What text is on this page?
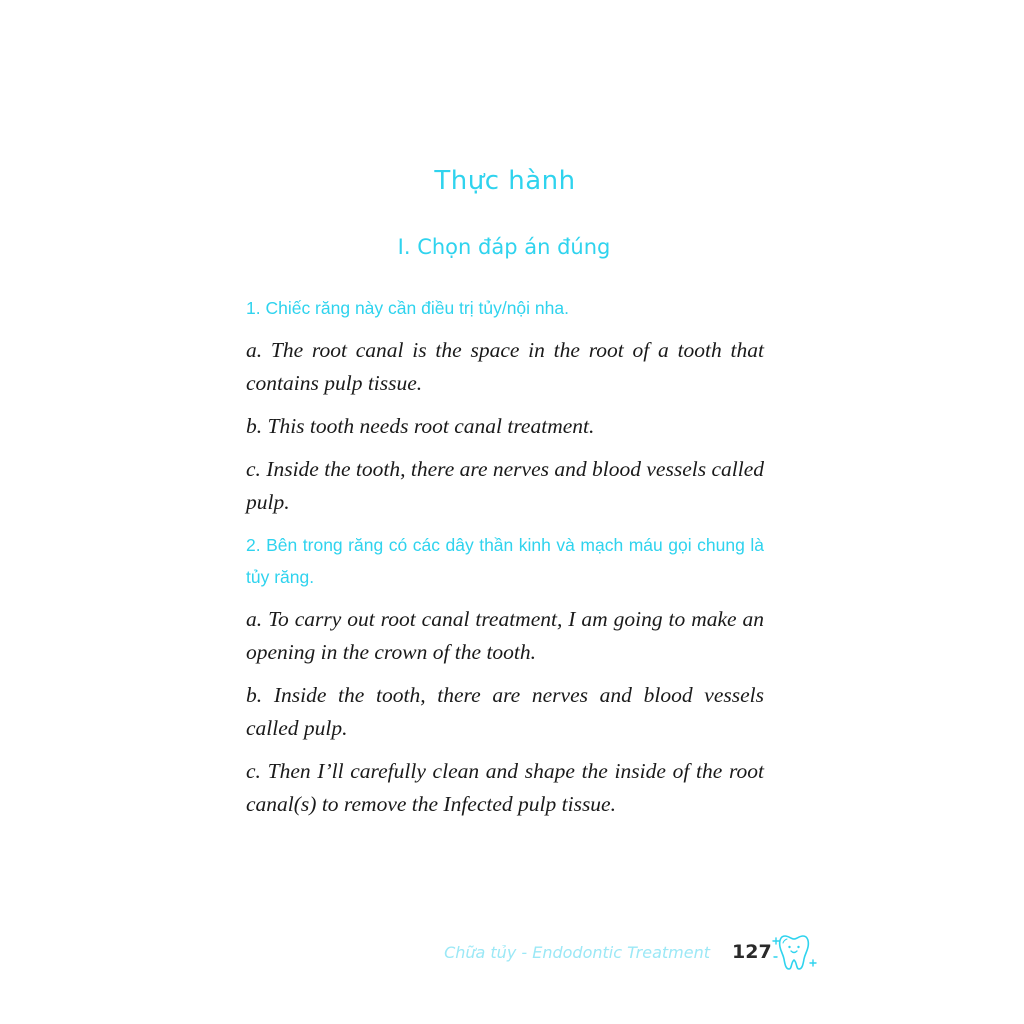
Thực hành
I. Chọn đáp án đúng

1. Chiếc răng này cần điều trị tủy/nội nha.

a. The root canal is the space in the root of a tooth that contains pulp tissue.

b. This tooth needs root canal treatment.

c. Inside the tooth, there are nerves and blood vessels called pulp.

2. Bên trong răng có các dây thần kinh và mạch máu gọi chung là tủy răng.

a. To carry out root canal treatment, I am going to make an opening in the crown of the tooth.

b. Inside the tooth, there are nerves and blood vessels called pulp.

c. Then I’ll carefully clean and shape the inside of the root canal(s) to remove the Infected pulp tissue.

Chữa tủy - Endodontic Treatment 127
